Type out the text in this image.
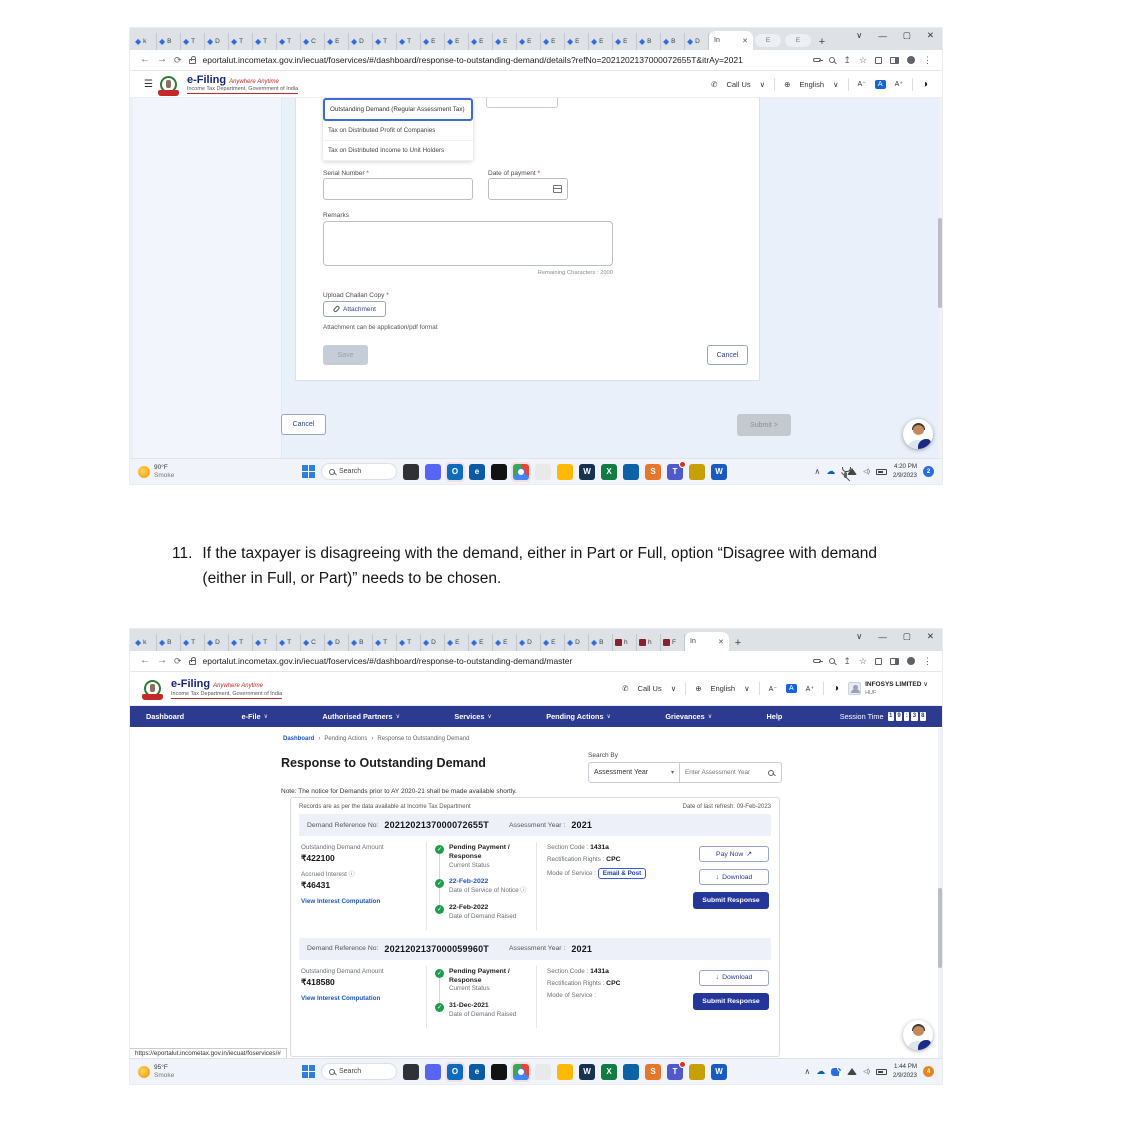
◆ k ◆ B ◆ T ◆ D ◆ T ◆ T ◆ T ◆ C ◆ E ◆ D ◆ T ◆ T ◆ E ◆ E ◆ E ◆ E ◆ E ◆ E ◆ E ◆ E ◆ E ◆ B ◆ B ◆ D In	✕	E	E	+
∨ — ▢ ✕
← → ⟳ eportalut.incometax.gov.in/iecuat/foservices/#/dashboard/response-to-outstanding-demand/details?refNo=2021202137000072655T&itrAy=2021	↥ ☆	⋮
☰	e-Filing Anywhere Anytime
Income Tax Department, Government of India
✆ Call Us ∨	⊕ English ∨	A⁻	A	A⁺ ◑
Outstanding Demand (Regular Assessment Tax)
Tax on Distributed Profit of Companies
Tax on Distributed Income to Unit Holders
Serial Number *	Date of payment *
Remarks
Remaining Characters : 2000
Upload Challan Copy *
Attachment
Attachment can be application/pdf format
Save	Cancel
Cancel	Submit >
90°F
Smoke	Search	O e	W X	S T	W	∧ ☁	◁)
4:20 PM
2/9/2023	2
11. If the taxpayer is disagreeing with the demand, either in Part or Full, option “Disagree with demand (either in Full, or Part)” needs to be chosen.
◆ k ◆ B ◆ T ◆ D ◆ T ◆ T ◆ T ◆ C ◆ D ◆ B ◆ T ◆ T ◆ D ◆ E ◆ E ◆ E ◆ D ◆ E ◆ D ◆ B	h	h	F In	✕ +
∨ — ▢ ✕
← → ⟳ eportalut.incometax.gov.in/iecuat/foservices/#/dashboard/response-to-outstanding-demand/master	↥ ☆	⋮
e-Filing Anywhere Anytime
Income Tax Department, Government of India
✆ Call Us ∨	⊕ English ∨	A⁻	A	A⁺ ◑	INFOSYS LIMITED ∨
HUF
Dashboard	e-File ∨	Authorised Partners ∨	Services ∨	Pending Actions ∨	Grievances ∨	Help	Session Time 1 9 : 3 8
Dashboard › Pending Actions › Response to Outstanding Demand
Response to Outstanding Demand
Search By
Assessment Year	▾
Enter Assessment Year
Note: The notice for Demands prior to AY 2020-21 shall be made available shortly.
Records are as per the data available at Income Tax Department	Date of last refresh: 09-Feb-2023
Demand Reference No: 2021202137000072655T	Assessment Year : 2021
Outstanding Demand Amount
₹422100
Accrued Interest ⓘ
₹46431
View Interest Computation
✓ Pending Payment / Response
Current Status
✓ 22-Feb-2022
Date of Service of Notice ⓘ
✓ 22-Feb-2022
Date of Demand Raised
Section Code : 1431a
Rectification Rights : CPC
Mode of Service : Email & Post
Pay Now ↗
↓ Download
Submit Response
Demand Reference No: 2021202137000059960T	Assessment Year : 2021
Outstanding Demand Amount
₹418580
View Interest Computation
✓ Pending Payment / Response
Current Status
✓ 31-Dec-2021
Date of Demand Raised
Section Code : 1431a
Rectification Rights : CPC
Mode of Service :
↓ Download
Submit Response
https://eportalut.incometax.gov.in/iecuat/foservices/#
95°F
Smoke	Search	O e	W X	S T	W	∧ ☁	◁)
1:44 PM
2/9/2023	4
